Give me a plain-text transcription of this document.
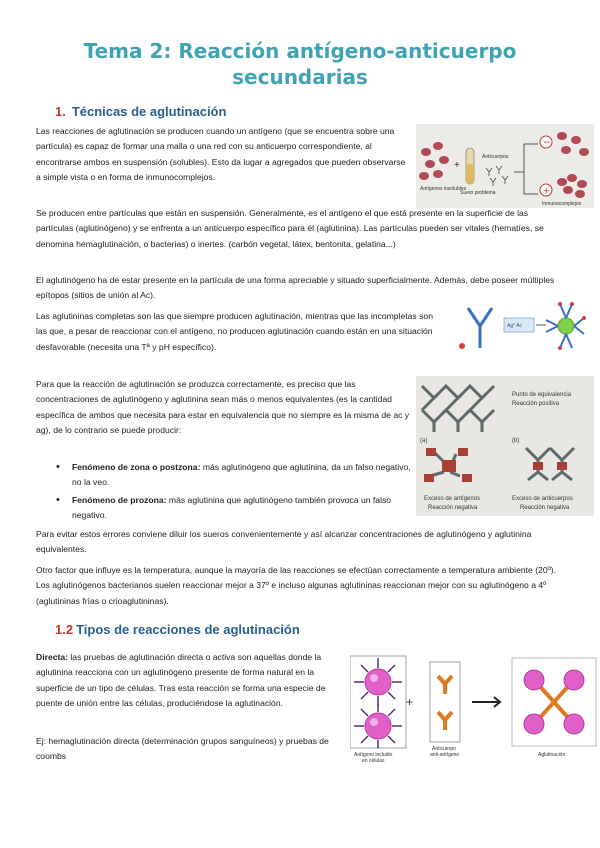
Tema 2: Reacción antígeno-anticuerpo
secundarias
1. Técnicas de aglutinación

Las reacciones de aglutinación se producen cuando un antígeno (que se encuentra sobre una partícula) es capaz de formar una malla o una red con su anticuerpo correspondiente, al encontrarse ambos en suspensión (solubles). Esto da lugar a agregados que pueden observarse a simple vista o en forma de inmunocomplejos.

Antígenos insolubles
+
Suero problema
Anticuerpos
−
+
Inmunocomplejos

Se producen entre partículas que están en suspensión. Generalmente, es el antígeno el que está presente en la superficie de las partículas (aglutinógeno) y se enfrenta a un anticuerpo específico para él (aglutinina). Las partículas pueden ser vitales (hematíes, se denomina hemaglutinación, o bacterias) o inertes. (carbón vegetal, látex, bentonita, gelatina...)

El aglutinógeno ha de estar presente en la partícula de una forma apreciable y situado superficialmente. Además, debe poseer múltiples epítopos (sitios de unión al Ac).

Las aglutininas completas son las que siempre producen aglutinación, mientras que las incompletas son las que, a pesar de reaccionar con el antígeno, no producen aglutinación cuando están en una situación desfavorable (necesita una Tª y pH específico).

Ag* Ac

Para que la reacción de aglutinación se produzca correctamente, es preciso que las concentraciones de aglutinógeno y aglutinina sean más o menos equivalentes (es la cantidad específica de ambos que necesita para estar en equivalencia que no siempre es la misma de ac y ag), de lo contrario se puede producir:

• Fenómeno de zona o postzona: más aglutinógeno que aglutinina, da un falso negativo, no la veo.
• Fenómeno de prozona: más aglutinina que aglutinógeno también provoca un falso negativo.
Punto de equivalencia
Reacción positiva
(a)	(b)
Exceso de antígenos
Reacción negativa
Exceso de anticuerpos
Reacción negativa

Para evitar estos errores conviene diluir los sueros convenientemente y así alcanzar concentraciones de aglutinógeno y aglutinina equivalentes.

Otro factor que influye es la temperatura, aunque la mayoría de las reacciones se efectúan correctamente a temperatura ambiente (20º). Los aglutinógenos bacterianos suelen reaccionar mejor a 37º e incluso algunas aglutininas reaccionan mejor con su aglutinógeno a 4º (aglutininas frías o crioaglutininas).

1.2 Tipos de reacciones de aglutinación

Directa: las pruebas de aglutinación directa o activa son aquellas donde la aglutinina reacciona con un aglutinógeno presente de forma natural en la superficie de un tipo de células. Tras esta reacción se forma una especie de puente de unión entre las células, produciéndose la aglutinación.

Ej: hemaglutinación directa (determinación grupos sanguíneos) y pruebas de coombs	Antígeno incluido
en células
+
Anticuerpo
anti-antígeno	Aglutinación
